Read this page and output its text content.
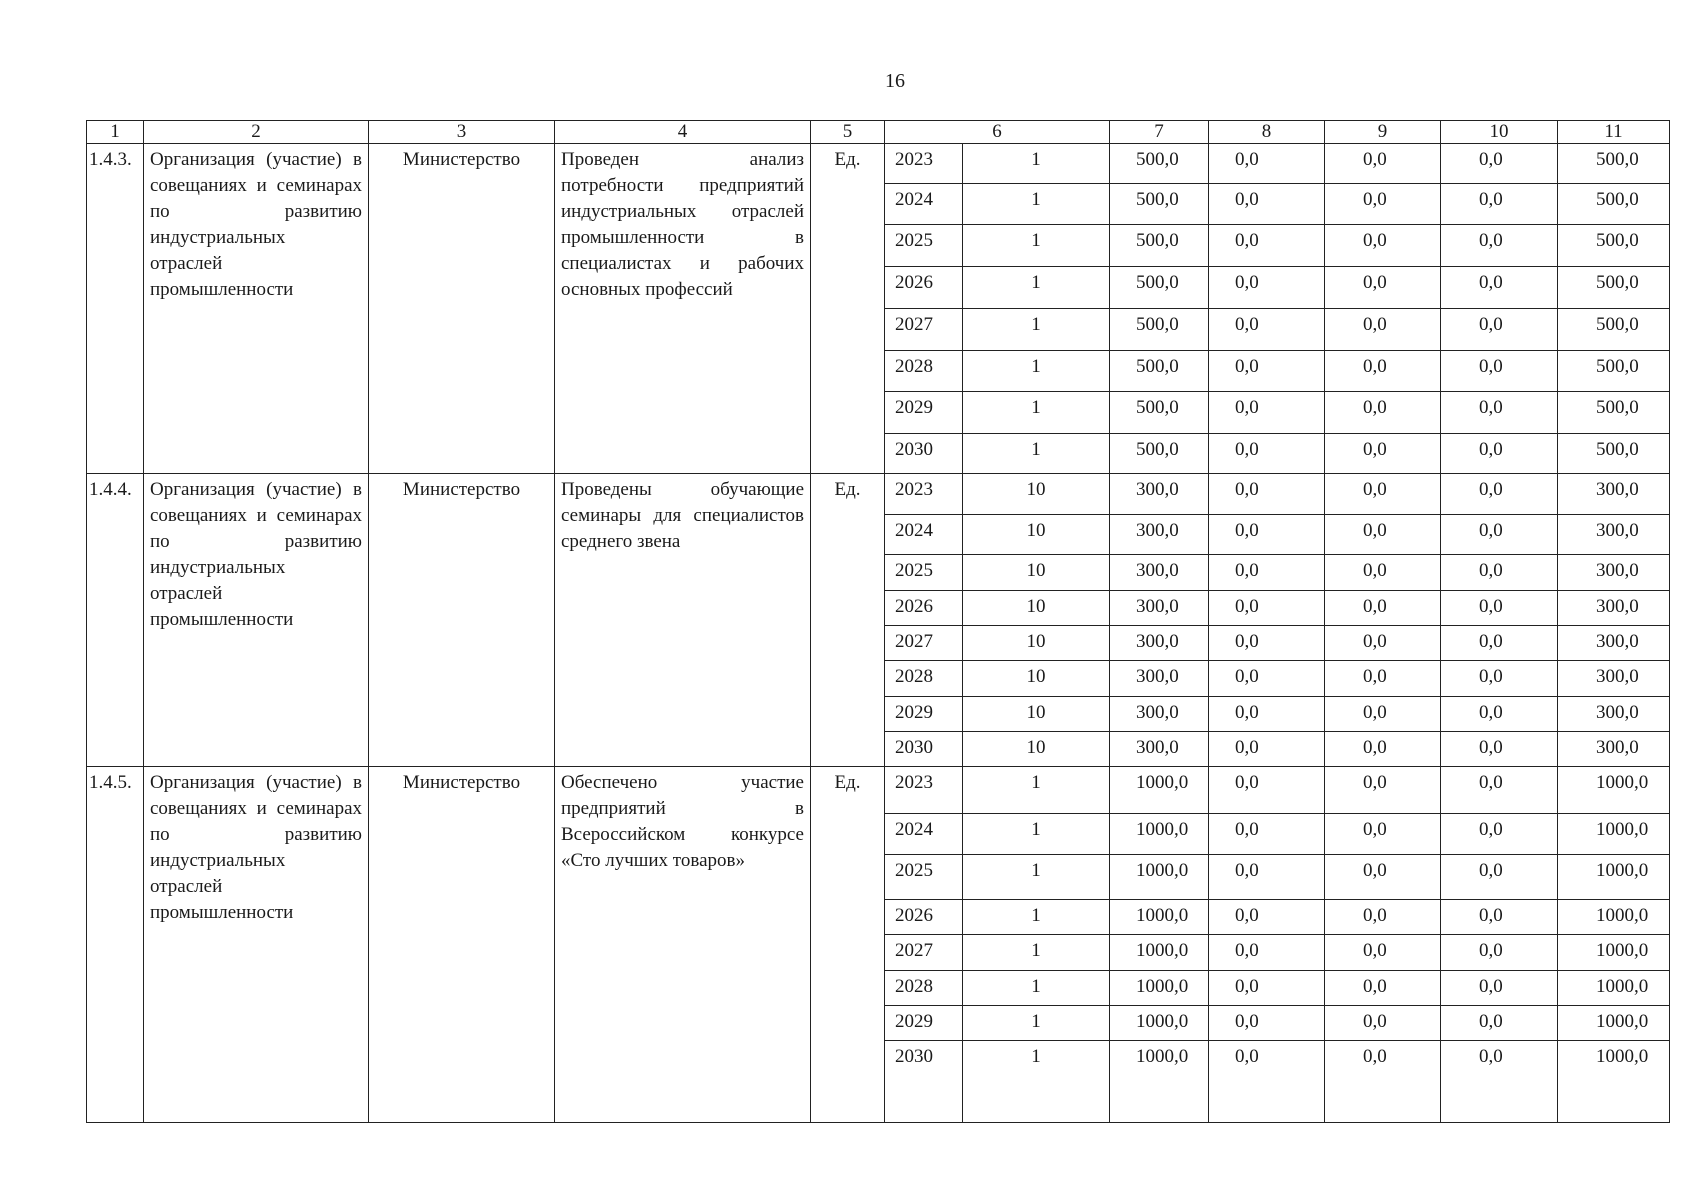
16
1	2	3	4	5	6		7	8	9	10	11
1.4.3.	Организация (участие) в совещаниях и семинарах по развитию индустриальных отраслей промышленности	Министерство	Проведен анализ потребности предприятий индустриальных отраслей промышленности в специалистах и рабочих основных профессий	Ед.	2023	1	500,0	0,0	0,0	0,0	500,0
					2024	1	500,0	0,0	0,0	0,0	500,0
					2025	1	500,0	0,0	0,0	0,0	500,0
					2026	1	500,0	0,0	0,0	0,0	500,0
					2027	1	500,0	0,0	0,0	0,0	500,0
					2028	1	500,0	0,0	0,0	0,0	500,0
					2029	1	500,0	0,0	0,0	0,0	500,0
					2030	1	500,0	0,0	0,0	0,0	500,0
1.4.4.	Организация (участие) в совещаниях и семинарах по развитию индустриальных отраслей промышленности	Министерство	Проведены обучающие семинары для специалистов среднего звена	Ед.	2023	10	300,0	0,0	0,0	0,0	300,0
					2024	10	300,0	0,0	0,0	0,0	300,0
					2025	10	300,0	0,0	0,0	0,0	300,0
					2026	10	300,0	0,0	0,0	0,0	300,0
					2027	10	300,0	0,0	0,0	0,0	300,0
					2028	10	300,0	0,0	0,0	0,0	300,0
					2029	10	300,0	0,0	0,0	0,0	300,0
					2030	10	300,0	0,0	0,0	0,0	300,0
1.4.5.	Организация (участие) в совещаниях и семинарах по развитию индустриальных отраслей промышленности	Министерство	Обеспечено участие предприятий в Всероссийском конкурсе «Сто лучших товаров»	Ед.	2023	1	1000,0	0,0	0,0	0,0	1000,0
					2024	1	1000,0	0,0	0,0	0,0	1000,0
					2025	1	1000,0	0,0	0,0	0,0	1000,0
					2026	1	1000,0	0,0	0,0	0,0	1000,0
					2027	1	1000,0	0,0	0,0	0,0	1000,0
					2028	1	1000,0	0,0	0,0	0,0	1000,0
					2029	1	1000,0	0,0	0,0	0,0	1000,0
					2030	1	1000,0	0,0	0,0	0,0	1000,0
